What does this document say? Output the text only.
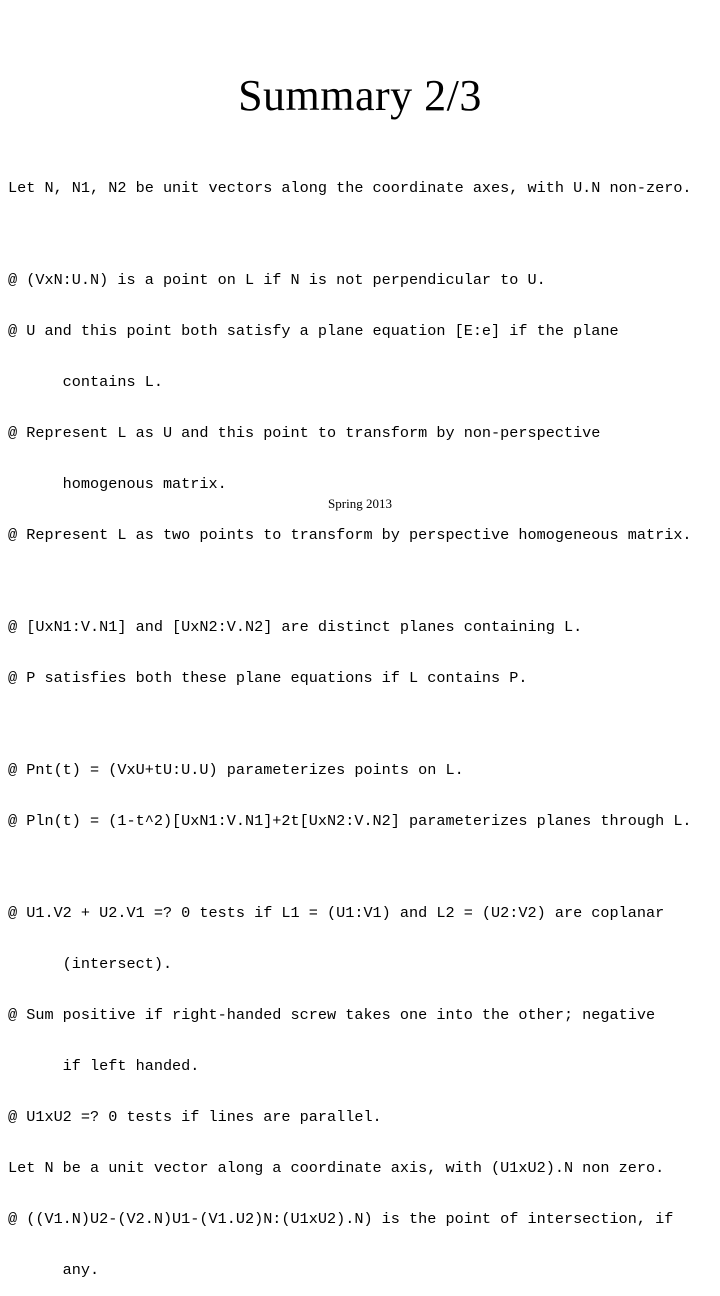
Summary 2/3

Let N, N1, N2 be unit vectors along the coordinate axes, with U.N non-zero.

@ (VxN:U.N) is a point on L if N is not perpendicular to U.

@ U and this point both satisfy a plane equation [E:e] if the plane

contains L.

@ Represent L as U and this point to transform by non-perspective

homogenous matrix.

@ Represent L as two points to transform by perspective homogeneous matrix.

@ [UxN1:V.N1] and [UxN2:V.N2] are distinct planes containing L.

@ P satisfies both these plane equations if L contains P.

@ Pnt(t) = (VxU+tU:U.U) parameterizes points on L.

@ Pln(t) = (1-t^2)[UxN1:V.N1]+2t[UxN2:V.N2] parameterizes planes through L.

@ U1.V2 + U2.V1 =? 0 tests if L1 = (U1:V1) and L2 = (U2:V2) are coplanar

(intersect).

@ Sum positive if right-handed screw takes one into the other; negative

if left handed.

@ U1xU2 =? 0 tests if lines are parallel.

Let N be a unit vector along a coordinate axis, with (U1xU2).N non zero.

@ ((V1.N)U2-(V2.N)U1-(V1.U2)N:(U1xU2).N) is the point of intersection, if

any.

Spring 2013
